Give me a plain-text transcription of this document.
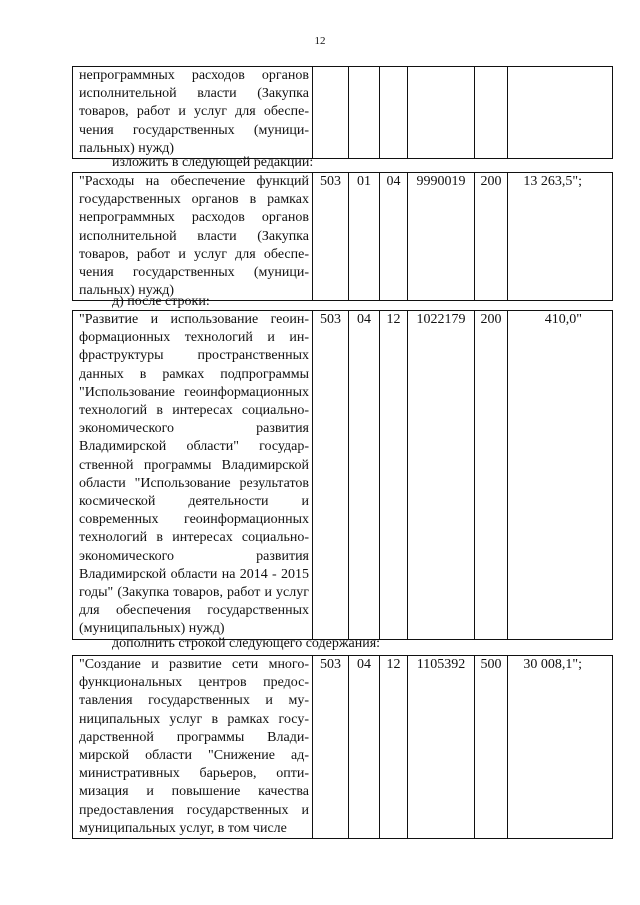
12
непрограммных расходов органов исполнительной власти (Закупка товаров, работ и услуг для обеспечения государственных (муниципальных) нужд)						
изложить в следующей редакции:
"Расходы на обеспечение функций государственных органов в рамках непрограммных расходов органов исполнительной власти (Закупка товаров, работ и услуг для обеспечения государственных (муниципальных) нужд)	503	01	04	9990019	200	13 263,5";
д) после строки:
"Развитие и использование геоинформационных технологий и инфраструктуры пространственных данных в рамках подпрограммы "Использование геоинформационных технологий в интересах социально-экономического развития Владимирской области" государственной программы Владимирской области "Использование результатов космической деятельности и современных геоинформационных технологий в интересах социально-экономического развития Владимирской области на 2014 - 2015 годы" (Закупка товаров, работ и услуг для обеспечения государственных (муниципальных) нужд)	503	04	12	1022179	200	410,0"
дополнить строкой следующего содержания:
"Создание и развитие сети многофункциональных центров предоставления государственных и муниципальных услуг в рамках государственной программы Владимирской области "Снижение административных барьеров, оптимизация и повышение качества предоставления государственных и муниципальных услуг, в том числе	503	04	12	1105392	500	30 008,1";
